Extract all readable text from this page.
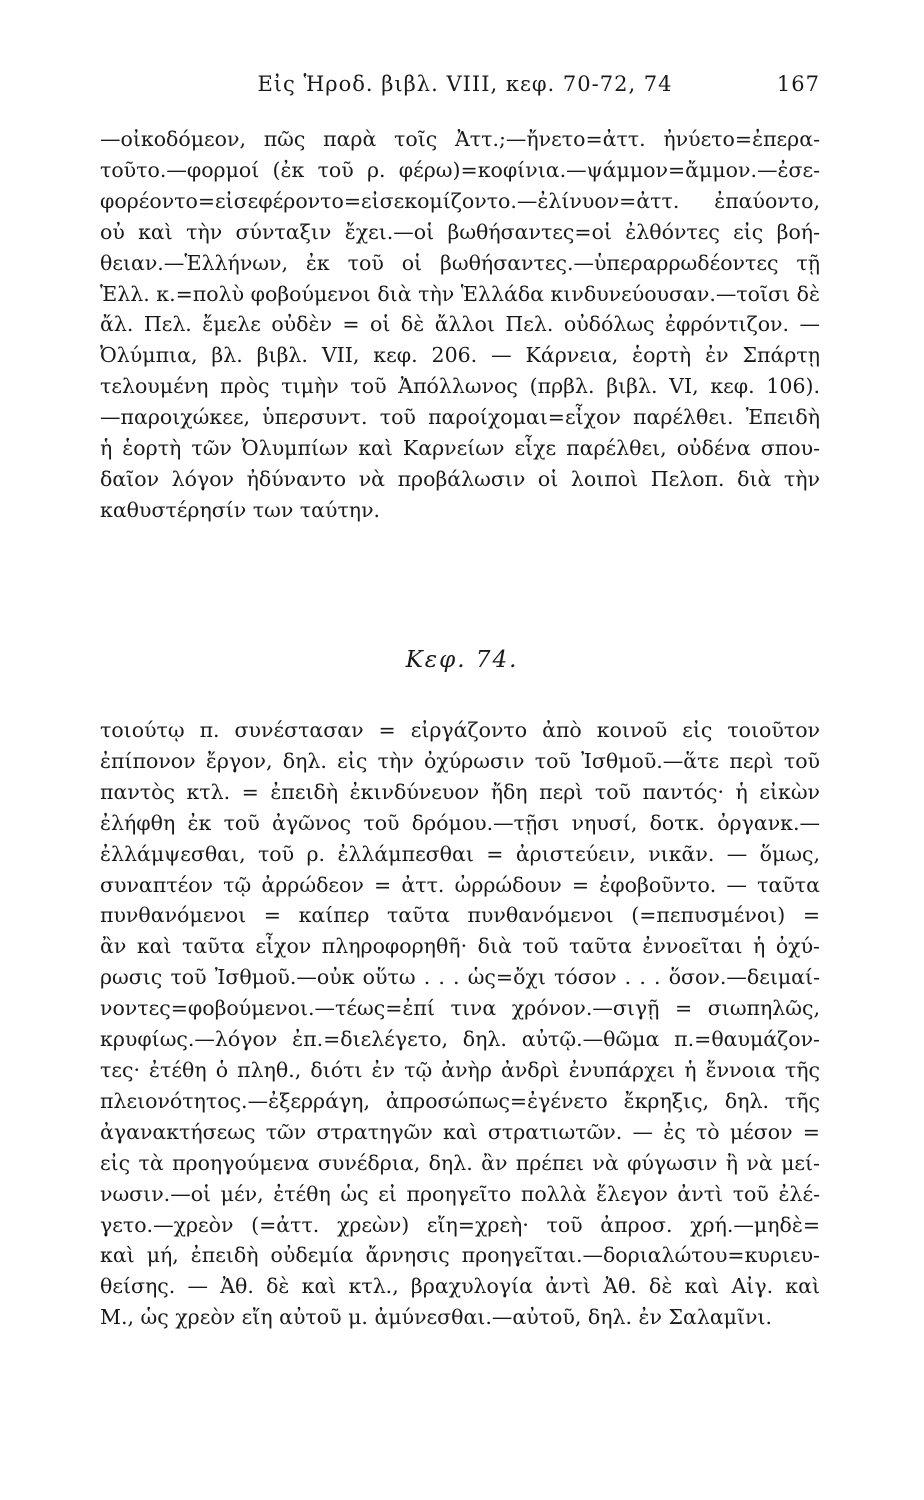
Εἰς Ἡροδ. βιβλ. VIII, κεφ. 70-72, 74	167

—οἰκοδόμεον, πῶς παρὰ τοῖς Ἀττ.;—ἤνετο=ἀττ. ἠνύετο=ἐπερα-
τοῦτο.—φορμοί (ἐκ τοῦ ρ. φέρω)=κοφίνια.—ψάμμον=ἄμμον.—ἐσε-
φορέοντο=εἰσεφέροντο=εἰσεκομίζοντο.—ἐλίνυον=ἀττ. ἐπαύοντο,
οὐ καὶ τὴν σύνταξιν ἔχει.—οἱ βωθήσαντες=οἱ ἐλθόντες εἰς βοή-
θειαν.—Ἑλλήνων, ἐκ τοῦ οἱ βωθήσαντες.—ὑπεραρρωδέοντες τῇ
Ἑλλ. κ.=πολὺ φοβούμενοι διὰ τὴν Ἑλλάδα κινδυνεύουσαν.—τοῖσι δὲ
ἄλ. Πελ. ἔμελε οὐδὲν = οἱ δὲ ἄλλοι Πελ. οὐδόλως ἐφρόντιζον. —
Ὀλύμπια, βλ. βιβλ. VII, κεφ. 206. — Κάρνεια, ἑορτὴ ἐν Σπάρτῃ
τελουμένη πρὸς τιμὴν τοῦ Ἀπόλλωνος (πρβλ. βιβλ. VI, κεφ. 106).
—παροιχώκεε, ὑπερσυντ. τοῦ παροίχομαι=εἶχον παρέλθει. Ἐπειδὴ
ἡ ἑορτὴ τῶν Ὀλυμπίων καὶ Καρνείων εἶχε παρέλθει, οὐδένα σπου-
δαῖον λόγον ἠδύναντο νὰ προβάλωσιν οἱ λοιποὶ Πελοπ. διὰ τὴν
καθυστέρησίν των ταύτην.

Κεφ. 74.

τοιούτῳ π. συνέστασαν = εἰργάζοντο ἀπὸ κοινοῦ εἰς τοιοῦτον
ἐπίπονον ἔργον, δηλ. εἰς τὴν ὀχύρωσιν τοῦ Ἰσθμοῦ.—ἅτε περὶ τοῦ
παντὸς κτλ. = ἐπειδὴ ἐκινδύνευον ἤδη περὶ τοῦ παντός· ἡ εἰκὼν
ἐλήφθη ἐκ τοῦ ἀγῶνος τοῦ δρόμου.—τῇσι νηυσί, δοτκ. ὀργανκ.—
ἐλλάμψεσθαι, τοῦ ρ. ἐλλάμπεσθαι = ἀριστεύειν, νικᾶν. — ὅμως,
συναπτέον τῷ ἀρρώδεον = ἀττ. ὠρρώδουν = ἐφοβοῦντο. — ταῦτα
πυνθανόμενοι = καίπερ ταῦτα πυνθανόμενοι (=πεπυσμένοι) =
ἂν καὶ ταῦτα εἶχον πληροφορηθῆ· διὰ τοῦ ταῦτα ἐννοεῖται ἡ ὀχύ-
ρωσις τοῦ Ἰσθμοῦ.—οὐκ οὕτω . . . ὡς=ὄχι τόσον . . . ὅσον.—δειμαί-
νοντες=φοβούμενοι.—τέως=ἐπί τινα χρόνον.—σιγῇ = σιωπηλῶς,
κρυφίως.—λόγον ἐπ.=διελέγετο, δηλ. αὐτῷ.—θῶμα π.=θαυμάζον-
τες· ἐτέθη ὁ πληθ., διότι ἐν τῷ ἀνὴρ ἀνδρὶ ἐνυπάρχει ἡ ἔννοια τῆς
πλειονότητος.—ἐξερράγη, ἀπροσώπως=ἐγένετο ἔκρηξις, δηλ. τῆς
ἀγανακτήσεως τῶν στρατηγῶν καὶ στρατιωτῶν. — ἐς τὸ μέσον =
εἰς τὰ προηγούμενα συνέδρια, δηλ. ἂν πρέπει νὰ φύγωσιν ἢ νὰ μεί-
νωσιν.—οἱ μέν, ἐτέθη ὡς εἰ προηγεῖτο πολλὰ ἔλεγον ἀντὶ τοῦ ἐλέ-
γετο.—χρεὸν (=ἀττ. χρεὼν) εἴη=χρεὴ· τοῦ ἀπροσ. χρή.—μηδὲ=
καὶ μή, ἐπειδὴ οὐδεμία ἄρνησις προηγεῖται.—δοριαλώτου=κυριευ-
θείσης. — Ἀθ. δὲ καὶ κτλ., βραχυλογία ἀντὶ Ἀθ. δὲ καὶ Αἰγ. καὶ
Μ., ὡς χρεὸν εἴη αὐτοῦ μ. ἀμύνεσθαι.—αὐτοῦ, δηλ. ἐν Σαλαμῖνι.
